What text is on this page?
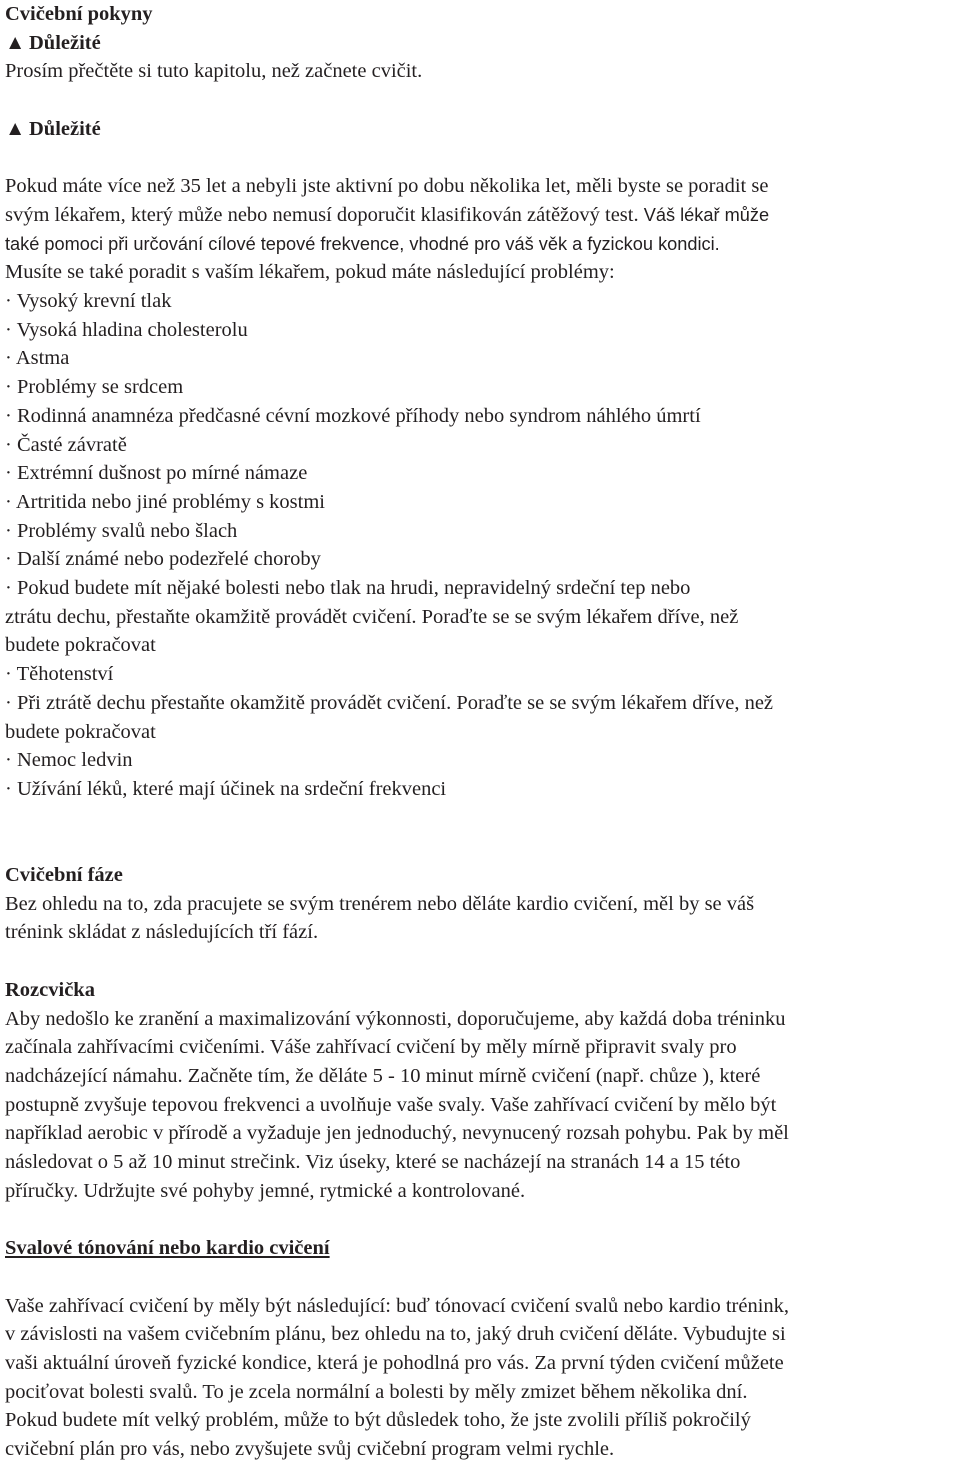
Cvičební pokyny
▲ Důležité
Prosím přečtěte si tuto kapitolu, než začnete cvičit.
▲ Důležité
Pokud máte více než 35 let a nebyli jste aktivní po dobu několika let, měli byste se poradit se
svým lékařem, který může nebo nemusí doporučit klasifikován zátěžový test. Váš lékař může
také pomoci při určování cílové tepové frekvence, vhodné pro váš věk a fyzickou kondici.
Musíte se také poradit s vaším lékařem, pokud máte následující problémy:
· Vysoký krevní tlak
· Vysoká hladina cholesterolu
· Astma
· Problémy se srdcem
· Rodinná anamnéza předčasné cévní mozkové příhody nebo syndrom náhlého úmrtí
· Časté závratě
· Extrémní dušnost po mírné námaze
· Artritida nebo jiné problémy s kostmi
· Problémy svalů nebo šlach
· Další známé nebo podezřelé choroby
· Pokud budete mít nějaké bolesti nebo tlak na hrudi, nepravidelný srdeční tep nebo
ztrátu dechu, přestaňte okamžitě provádět cvičení. Poraďte se se svým lékařem dříve, než
budete pokračovat
· Těhotenství
· Při ztrátě dechu přestaňte okamžitě provádět cvičení. Poraďte se se svým lékařem dříve, než
budete pokračovat
· Nemoc ledvin
· Užívání léků, které mají účinek na srdeční frekvenci
Cvičební fáze
Bez ohledu na to, zda pracujete se svým trenérem nebo děláte kardio cvičení, měl by se váš
trénink skládat z následujících tří fází.
Rozcvička
Aby nedošlo ke zranění a maximalizování výkonnosti, doporučujeme, aby každá doba tréninku
začínala zahřívacími cvičeními. Váše zahřívací cvičení by měly mírně připravit svaly pro
nadcházející námahu. Začněte tím, že děláte 5 - 10 minut mírně cvičení (např. chůze ), které
postupně zvyšuje tepovou frekvenci a uvolňuje vaše svaly. Vaše zahřívací cvičení by mělo být
například aerobic v přírodě a vyžaduje jen jednoduchý, nevynucený rozsah pohybu. Pak by měl
následovat o 5 až 10 minut strečink. Viz úseky, které se nacházejí na stranách 14 a 15 této
příručky. Udržujte své pohyby jemné, rytmické a kontrolované.
Svalové tónování nebo kardio cvičení
Vaše zahřívací cvičení by měly být následující: buď tónovací cvičení svalů nebo kardio trénink,
v závislosti na vašem cvičebním plánu, bez ohledu na to, jaký druh cvičení děláte. Vybudujte si
vaši aktuální úroveň fyzické kondice, která je pohodlná pro vás. Za první týden cvičení můžete
pociťovat bolesti svalů. To je zcela normální a bolesti by měly zmizet během několika dní.
Pokud budete mít velký problém, může to být důsledek toho, že jste zvolili příliš pokročilý
cvičební plán pro vás, nebo zvyšujete svůj cvičební program velmi rychle.
